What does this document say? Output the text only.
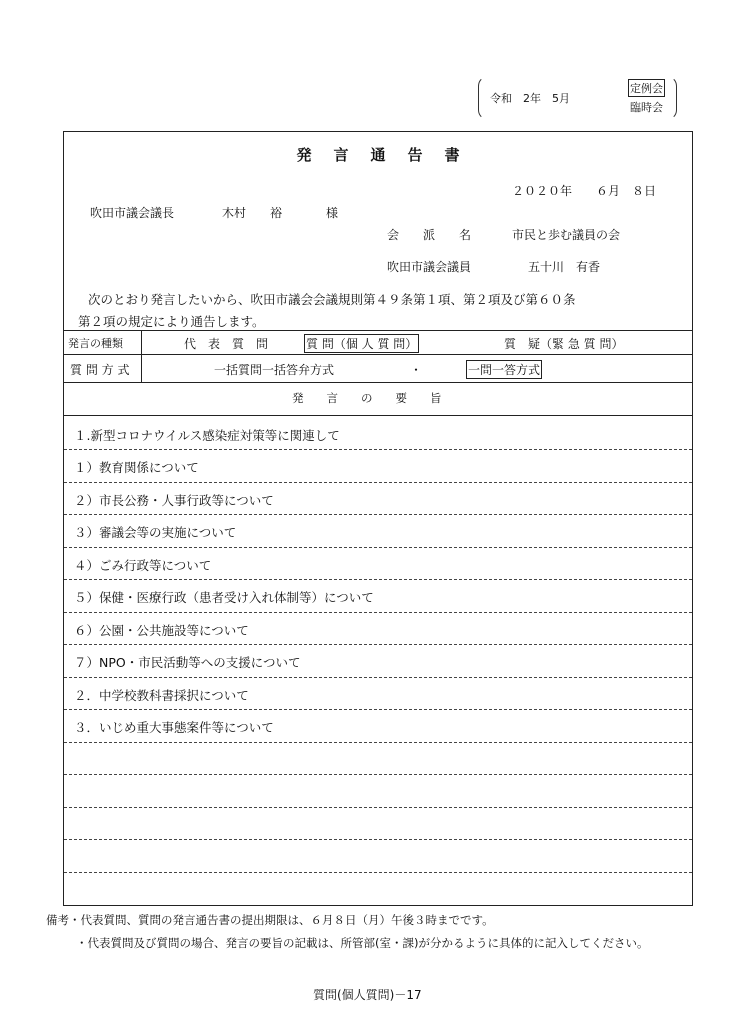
令和　2年　5月
定例会
臨時会
発言通告書
２０２０年　　６月　８日
吹田市議会議長	木村　　裕	様
会　　派　　名	市民と歩む議員の会
吹田市議会議員	五十川　有香
次のとおり発言したいから、吹田市議会会議規則第４９条第１項、第２項及び第６０条
第２項の規定により通告します。
発言の種類	代　表　質　問	質 問（個 人 質 問）	質　疑（緊 急 質 問）
質 問 方 式	一括質問一括答弁方式	・	一問一答方式
発　　言　　の　　要　　旨
１.新型コロナウイルス感染症対策等に関連して
１）教育関係について
２）市長公務・人事行政等について
３）審議会等の実施について
４）ごみ行政等について
５）保健・医療行政（患者受け入れ体制等）について
６）公園・公共施設等について
７）NPO・市民活動等への支援について
２．中学校教科書採択について
３．いじめ重大事態案件等について
備考・代表質問、質問の発言通告書の提出期限は、６月８日（月）午後３時までです。
・代表質問及び質問の場合、発言の要旨の記載は、所管部(室・課)が分かるように具体的に記入してください。
質問(個人質問)－17
